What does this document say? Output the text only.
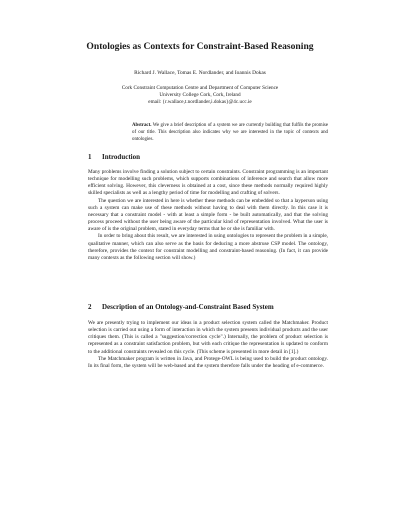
Ontologies as Contexts for Constraint-Based Reasoning
Richard J. Wallace, Tomas E. Nordlander, and Ioannis Dokas
Cork Constraint Computation Centre and Department of Computer Science
University College Cork, Cork, Ireland
email: {r.wallace,t.nordlander,i.dokas}@4c.ucc.ie
Abstract. We give a brief description of a system we are currently building that fulfils the promise of our title. This description also indicates why we are interested in the topic of contexts and ontologies.
1 Introduction

Many problems involve finding a solution subject to certain constraints. Constraint programming is an important technique for modelling such problems, which supports combinations of inference and search that allow more efficient solving. However, this cleverness is obtained at a cost, since these methods normally required highly skilled specialists as well as a lengthy period of time for modelling and crafting of solvers.

The question we are interested in here is whether these methods can be embedded so that a layperson using such a system can make use of these methods without having to deal with them directly. In this case it is necessary that a constraint model - with at least a simple form - be built automatically, and that the solving process proceed without the user being aware of the particular kind of representation involved. What the user is aware of is the original problem, stated in everyday terms that he or she is familiar with.

In order to bring about this result, we are interested in using ontologies to represent the problem in a simple, qualitative manner, which can also serve as the basis for deducing a more abstruse CSP model. The ontology, therefore, provides the context for constraint modelling and constraint-based reasoning. (In fact, it can provide many contexts as the following section will show.)

2 Description of an Ontology-and-Constraint Based System

We are presently trying to implement our ideas in a product selection system called the Matchmaker. Product selection is carried out using a form of interaction in which the system presents individual products and the user critiques them. (This is called a "suggestion/correction cycle".) Internally, the problem of product selection is represented as a constraint satisfaction problem, but with each critique the representation is updated to conform to the additional constraints revealed on this cycle. (This scheme is presented in more detail in [1].)

The Matchmaker program is written in Java, and Protege-OWL is being used to build the product ontology. In its final form, the system will be web-based and the system therefore falls under the heading of e-commerce.
